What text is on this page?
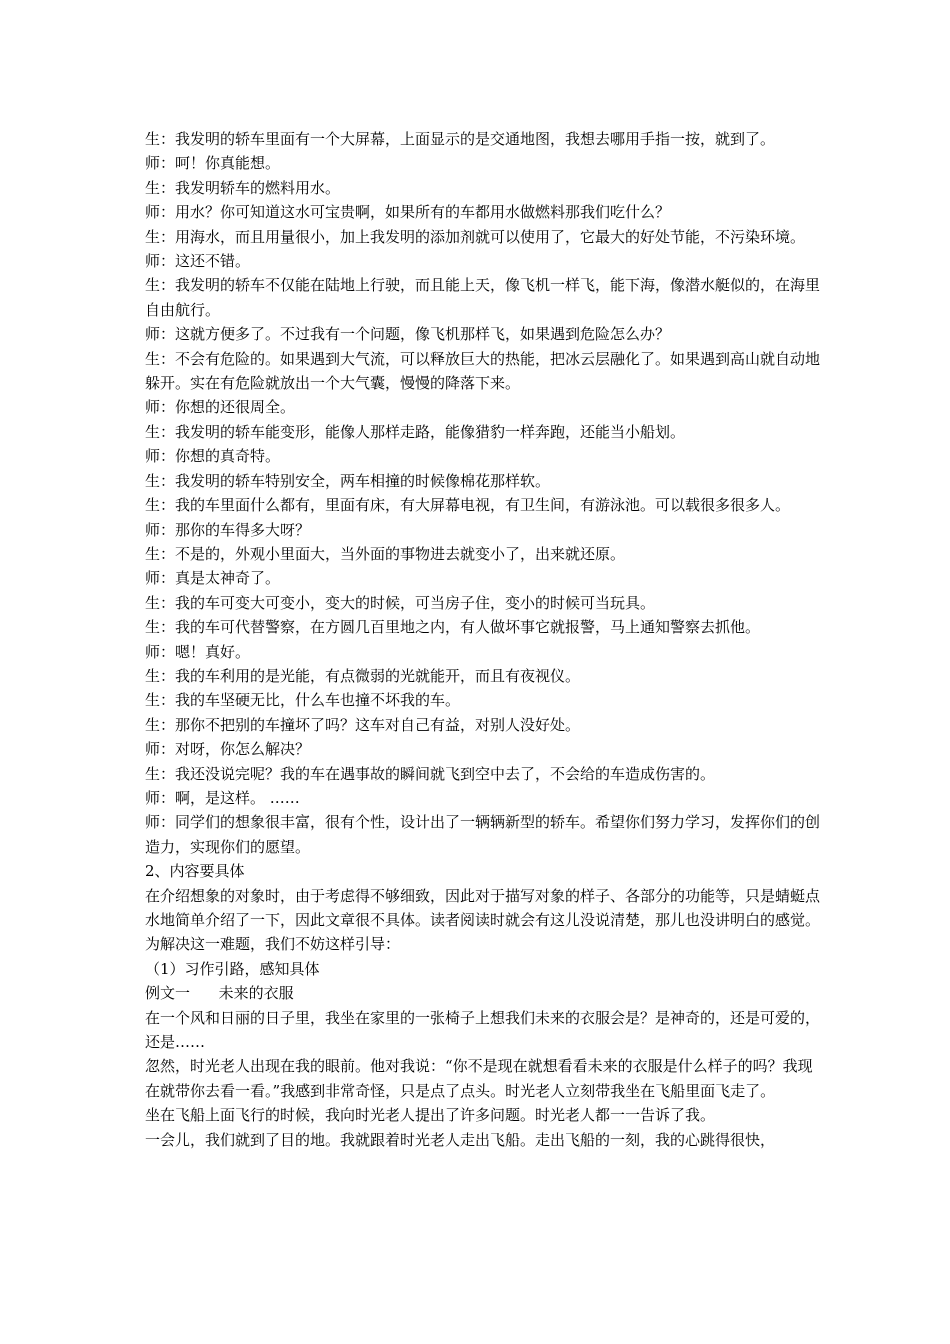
生：我发明的轿车里面有一个大屏幕，上面显示的是交通地图，我想去哪用手指一按，就到了。

师：呵！你真能想。

生：我发明轿车的燃料用水。

师：用水？你可知道这水可宝贵啊，如果所有的车都用水做燃料那我们吃什么？

生：用海水，而且用量很小，加上我发明的添加剂就可以使用了，它最大的好处节能，不污染环境。

师：这还不错。

生：我发明的轿车不仅能在陆地上行驶，而且能上天，像飞机一样飞，能下海，像潜水艇似的，在海里自由航行。

师：这就方便多了。不过我有一个问题，像飞机那样飞，如果遇到危险怎么办？

生：不会有危险的。如果遇到大气流，可以释放巨大的热能，把冰云层融化了。如果遇到高山就自动地躲开。实在有危险就放出一个大气囊，慢慢的降落下来。

师：你想的还很周全。

生：我发明的轿车能变形，能像人那样走路，能像猎豹一样奔跑，还能当小船划。

师：你想的真奇特。

生：我发明的轿车特别安全，两车相撞的时候像棉花那样软。

生：我的车里面什么都有，里面有床，有大屏幕电视，有卫生间，有游泳池。可以载很多很多人。

师：那你的车得多大呀？

生：不是的，外观小里面大，当外面的事物进去就变小了，出来就还原。

师：真是太神奇了。

生：我的车可变大可变小，变大的时候，可当房子住，变小的时候可当玩具。

生：我的车可代替警察，在方圆几百里地之内，有人做坏事它就报警，马上通知警察去抓他。

师：嗯！真好。

生：我的车利用的是光能，有点微弱的光就能开，而且有夜视仪。

生：我的车坚硬无比，什么车也撞不坏我的车。

生：那你不把别的车撞坏了吗？这车对自己有益，对别人没好处。

师：对呀，你怎么解决？

生：我还没说完呢？我的车在遇事故的瞬间就飞到空中去了，不会给的车造成伤害的。

师：啊，是这样。 ……

师：同学们的想象很丰富，很有个性，设计出了一辆辆新型的轿车。希望你们努力学习，发挥你们的创造力，实现你们的愿望。

2、内容要具体

在介绍想象的对象时，由于考虑得不够细致，因此对于描写对象的样子、各部分的功能等，只是蜻蜓点水地简单介绍了一下，因此文章很不具体。读者阅读时就会有这儿没说清楚，那儿也没讲明白的感觉。为解决这一难题，我们不妨这样引导：

（1）习作引路，感知具体

例文一      未来的衣服

在一个风和日丽的日子里，我坐在家里的一张椅子上想我们未来的衣服会是？是神奇的，还是可爱的，还是……

忽然，时光老人出现在我的眼前。他对我说：“你不是现在就想看看未来的衣服是什么样子的吗？我现在就带你去看一看。”我感到非常奇怪，只是点了点头。时光老人立刻带我坐在飞船里面飞走了。

坐在飞船上面飞行的时候，我向时光老人提出了许多问题。时光老人都一一告诉了我。

一会儿，我们就到了目的地。我就跟着时光老人走出飞船。走出飞船的一刻，我的心跳得很快，
